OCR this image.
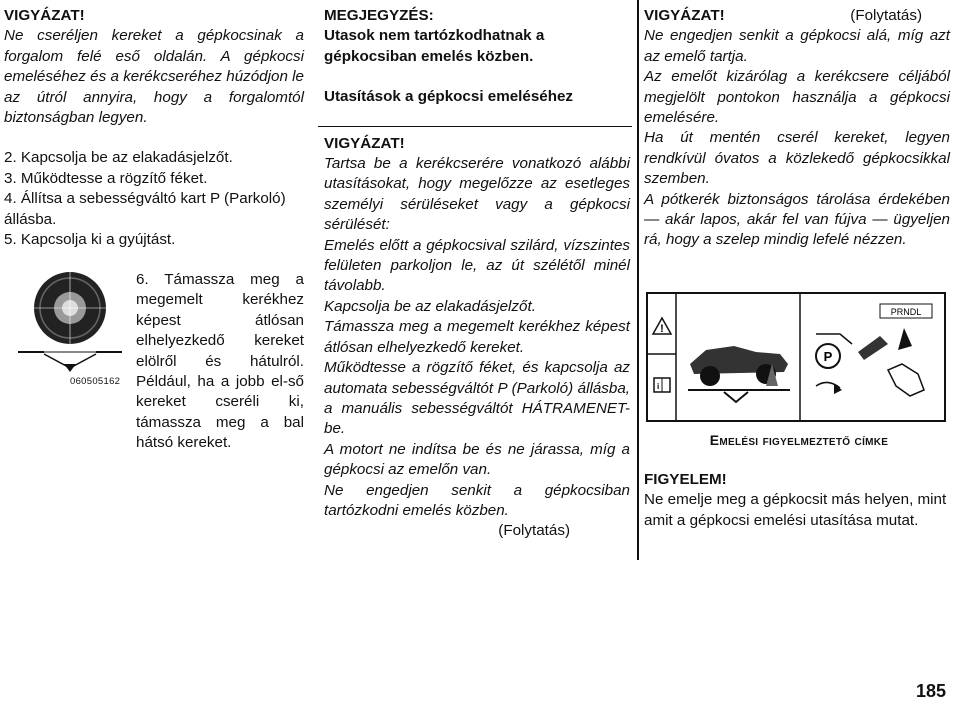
VIGYÁZAT!
Ne cseréljen kereket a gépkocsinak a forgalom felé eső oldalán. A gépkocsi emeléséhez és a kerékcseréhez húzódjon le az útról annyira, hogy a forgalomtól biztonságban legyen.
2. Kapcsolja be az elakadásjelzőt.
3. Működtesse a rögzítő féket.
4. Állítsa a sebességváltó kart P (Parkoló) állásba.
5. Kapcsolja ki a gyújtást.
060505162
6. Támassza meg a megemelt kerékhez képest átlósan elhelyezkedő kereket elölről és hátulról. Például, ha a jobb el-ső kereket cseréli ki, támassza meg a bal hátsó kereket.
MEGJEGYZÉS:
Utasok nem tartózkodhatnak a gépkocsiban emelés közben.
Utasítások a gépkocsi emeléséhez
VIGYÁZAT!
Tartsa be a kerékcserére vonatkozó alábbi utasításokat, hogy megelőzze az esetleges személyi sérüléseket vagy a gépkocsi sérülését:
Emelés előtt a gépkocsival szilárd, vízszintes felületen parkoljon le, az út szélétől minél távolabb.
Kapcsolja be az elakadásjelzőt.
Támassza meg a megemelt kerékhez képest átlósan elhelyezkedő kereket.
Működtesse a rögzítő féket, és kapcsolja az automata sebességváltót P (Parkoló) állásba, a manuális sebességváltót HÁTRAMENET-be.
A motort ne indítsa be és ne járassa, míg a gépkocsi az emelőn van.
Ne engedjen senkit a gépkocsiban tartózkodni emelés közben.
(Folytatás)
VIGYÁZAT!	(Folytatás)
Ne engedjen senkit a gépkocsi alá, míg azt az emelő tartja.
Az emelőt kizárólag a kerékcsere céljából megjelölt pontokon használja a gépkocsi emelésére.
Ha út mentén cserél kereket, legyen rendkívül óvatos a közlekedő gépkocsikkal szemben.
A pótkerék biztonságos tárolása érdekében — akár lapos, akár fel van fújva — ügyeljen rá, hogy a szelep mindig lefelé nézzen.
!
i
PRNDL
P
Emelési figyelmeztető címke
FIGYELEM!
Ne emelje meg a gépkocsit más helyen, mint amit a gépkocsi emelési utasítása mutat.
185
